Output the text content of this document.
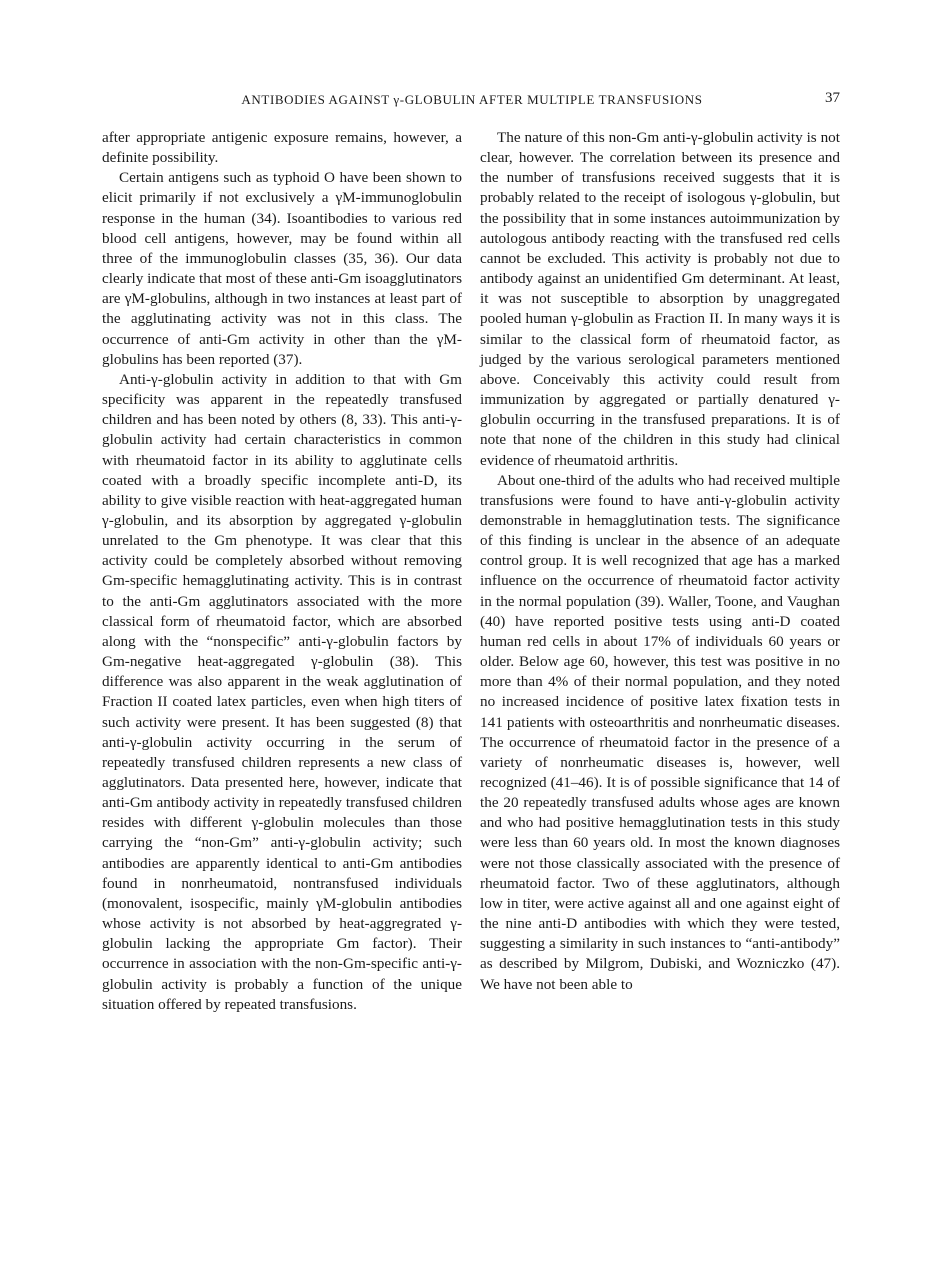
ANTIBODIES AGAINST γ-GLOBULIN AFTER MULTIPLE TRANSFUSIONS	37

after appropriate antigenic exposure remains, however, a definite possibility.

Certain antigens such as typhoid O have been shown to elicit primarily if not exclusively a γM-immunoglobulin response in the human (34). Isoantibodies to various red blood cell antigens, however, may be found within all three of the immunoglobulin classes (35, 36). Our data clearly indicate that most of these anti-Gm isoagglutinators are γM-globulins, although in two instances at least part of the agglutinating activity was not in this class. The occurrence of anti-Gm activity in other than the γM-globulins has been reported (37).

Anti-γ-globulin activity in addition to that with Gm specificity was apparent in the repeatedly transfused children and has been noted by others (8, 33). This anti-γ-globulin activity had certain characteristics in common with rheumatoid factor in its ability to agglutinate cells coated with a broadly specific incomplete anti-D, its ability to give visible reaction with heat-aggregated human γ-globulin, and its absorption by aggregated γ-globulin unrelated to the Gm phenotype. It was clear that this activity could be completely absorbed without removing Gm-specific hemagglutinating activity. This is in contrast to the anti-Gm agglutinators associated with the more classical form of rheumatoid factor, which are absorbed along with the “nonspecific” anti-γ-globulin factors by Gm-negative heat-aggregated γ-globulin (38). This difference was also apparent in the weak agglutination of Fraction II coated latex particles, even when high titers of such activity were present. It has been suggested (8) that anti-γ-globulin activity occurring in the serum of repeatedly transfused children represents a new class of agglutinators. Data presented here, however, indicate that anti-Gm antibody activity in repeatedly transfused children resides with different γ-globulin molecules than those carrying the “non-Gm” anti-γ-globulin activity; such antibodies are apparently identical to anti-Gm antibodies found in nonrheumatoid, nontransfused individuals (monovalent, isospecific, mainly γM-globulin antibodies whose activity is not absorbed by heat-aggregrated γ-globulin lacking the appropriate Gm factor). Their occurrence in association with the non-Gm-specific anti-γ-globulin activity is probably a function of the unique situation offered by repeated transfusions.

The nature of this non-Gm anti-γ-globulin activity is not clear, however. The correlation between its presence and the number of transfusions received suggests that it is probably related to the receipt of isologous γ-globulin, but the possibility that in some instances autoimmunization by autologous antibody reacting with the transfused red cells cannot be excluded. This activity is probably not due to antibody against an unidentified Gm determinant. At least, it was not susceptible to absorption by unaggregated pooled human γ-globulin as Fraction II. In many ways it is similar to the classical form of rheumatoid factor, as judged by the various serological parameters mentioned above. Conceivably this activity could result from immunization by aggregated or partially denatured γ-globulin occurring in the transfused preparations. It is of note that none of the children in this study had clinical evidence of rheumatoid arthritis.

About one-third of the adults who had received multiple transfusions were found to have anti-γ-globulin activity demonstrable in hemagglutination tests. The significance of this finding is unclear in the absence of an adequate control group. It is well recognized that age has a marked influence on the occurrence of rheumatoid factor activity in the normal population (39). Waller, Toone, and Vaughan (40) have reported positive tests using anti-D coated human red cells in about 17% of individuals 60 years or older. Below age 60, however, this test was positive in no more than 4% of their normal population, and they noted no increased incidence of positive latex fixation tests in 141 patients with osteoarthritis and nonrheumatic diseases. The occurrence of rheumatoid factor in the presence of a variety of nonrheumatic diseases is, however, well recognized (41–46). It is of possible significance that 14 of the 20 repeatedly transfused adults whose ages are known and who had positive hemagglutination tests in this study were less than 60 years old. In most the known diagnoses were not those classically associated with the presence of rheumatoid factor. Two of these agglutinators, although low in titer, were active against all and one against eight of the nine anti-D antibodies with which they were tested, suggesting a similarity in such instances to “anti-antibody” as described by Milgrom, Dubiski, and Wozniczko (47). We have not been able to
